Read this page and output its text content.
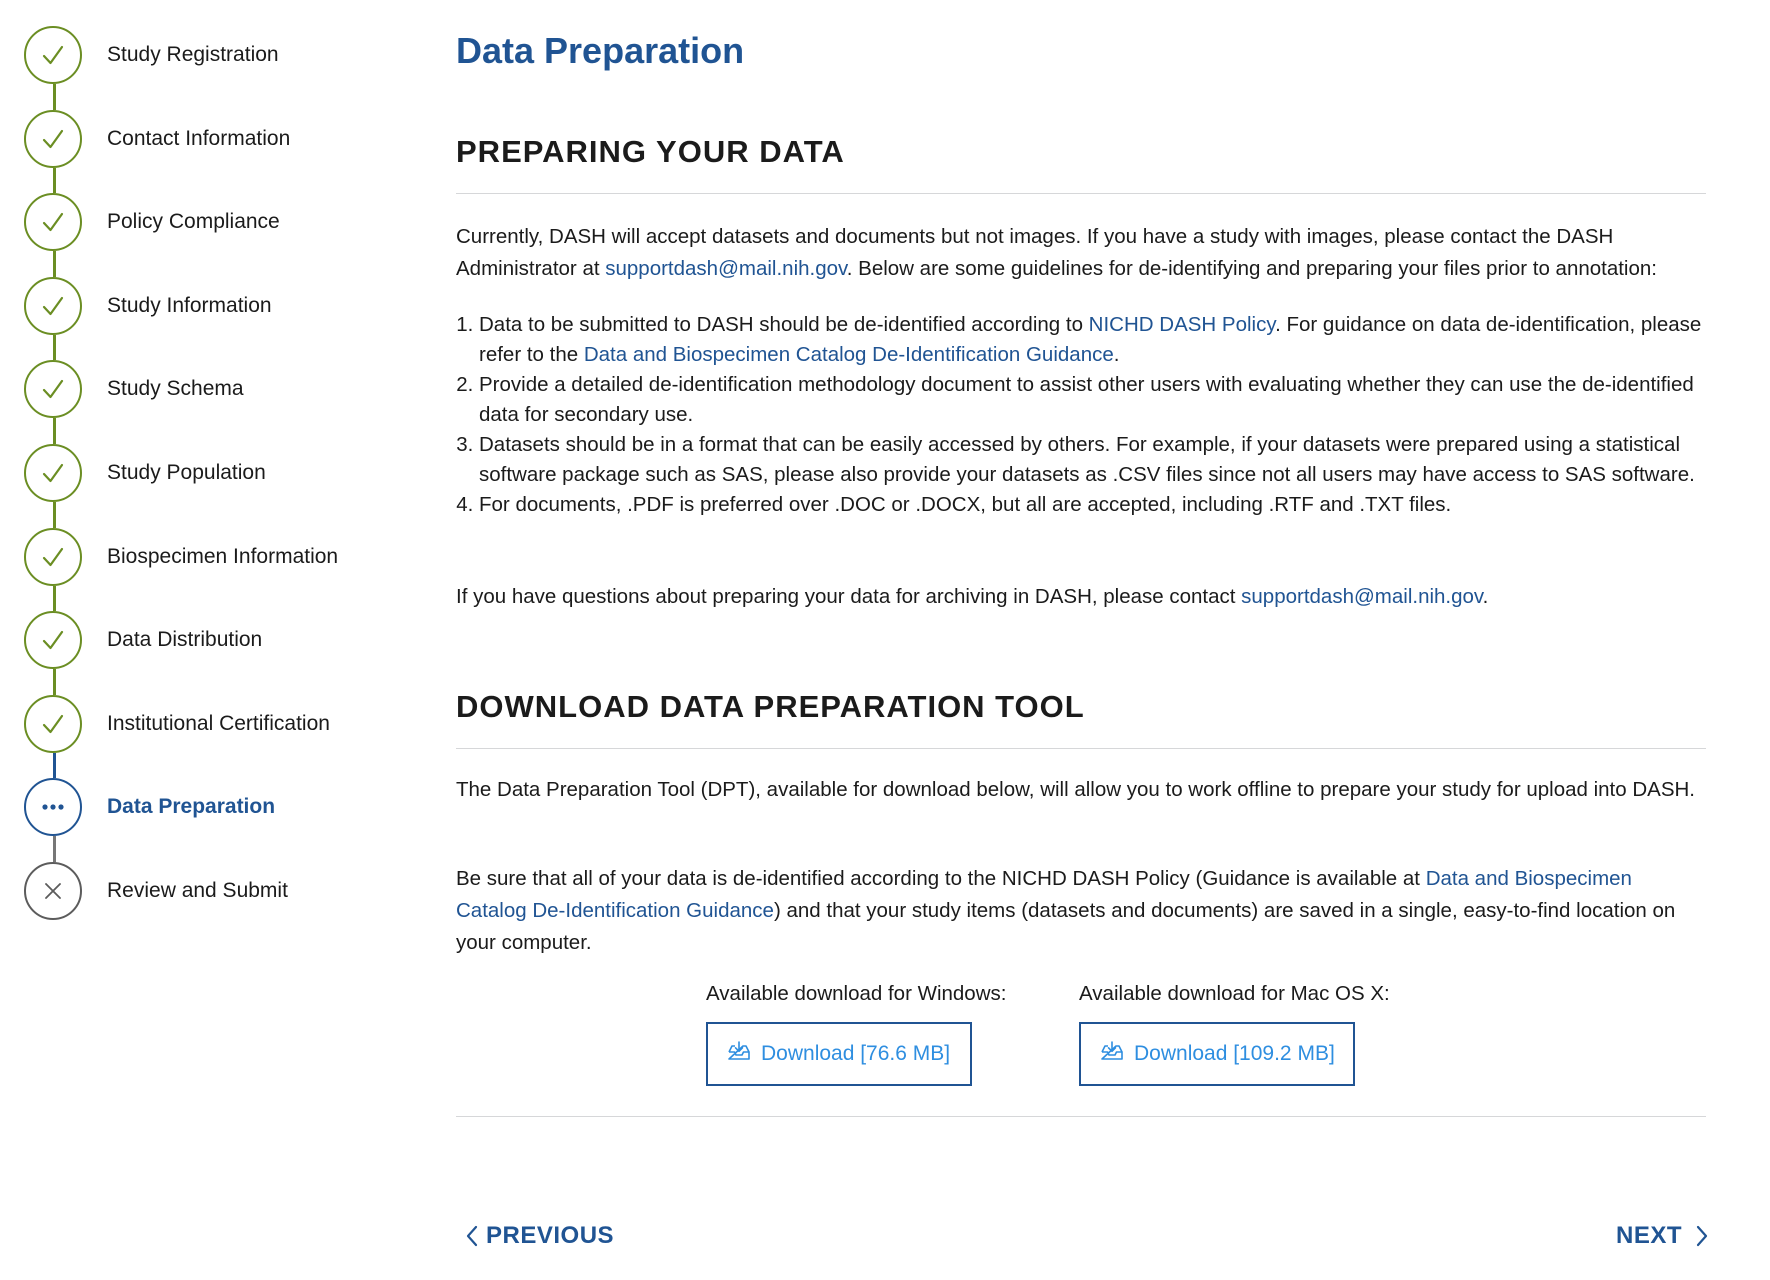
Study Registration
Contact Information
Policy Compliance
Study Information
Study Schema
Study Population
Biospecimen Information
Data Distribution
Institutional Certification
Data Preparation
Review and Submit
Data Preparation
PREPARING YOUR DATA

Currently, DASH will accept datasets and documents but not images. If you have a study with images, please contact the DASH Administrator at supportdash@mail.nih.gov. Below are some guidelines for de-identifying and preparing your files prior to annotation:

1. Data to be submitted to DASH should be de-identified according to NICHD DASH Policy. For guidance on data de-identification, please refer to the Data and Biospecimen Catalog De-Identification Guidance.
2. Provide a detailed de-identification methodology document to assist other users with evaluating whether they can use the de-identified data for secondary use.
3. Datasets should be in a format that can be easily accessed by others. For example, if your datasets were prepared using a statistical software package such as SAS, please also provide your datasets as .CSV files since not all users may have access to SAS software.
4. For documents, .PDF is preferred over .DOC or .DOCX, but all are accepted, including .RTF and .TXT files.

If you have questions about preparing your data for archiving in DASH, please contact supportdash@mail.nih.gov.

DOWNLOAD DATA PREPARATION TOOL

The Data Preparation Tool (DPT), available for download below, will allow you to work offline to prepare your study for upload into DASH.

Be sure that all of your data is de-identified according to the NICHD DASH Policy (Guidance is available at Data and Biospecimen Catalog De-Identification Guidance) and that your study items (datasets and documents) are saved in a single, easy-to-find location on your computer.

Available download for Windows:
Download [76.6 MB]
Available download for Mac OS X:
Download [109.2 MB]
PREVIOUS	NEXT
